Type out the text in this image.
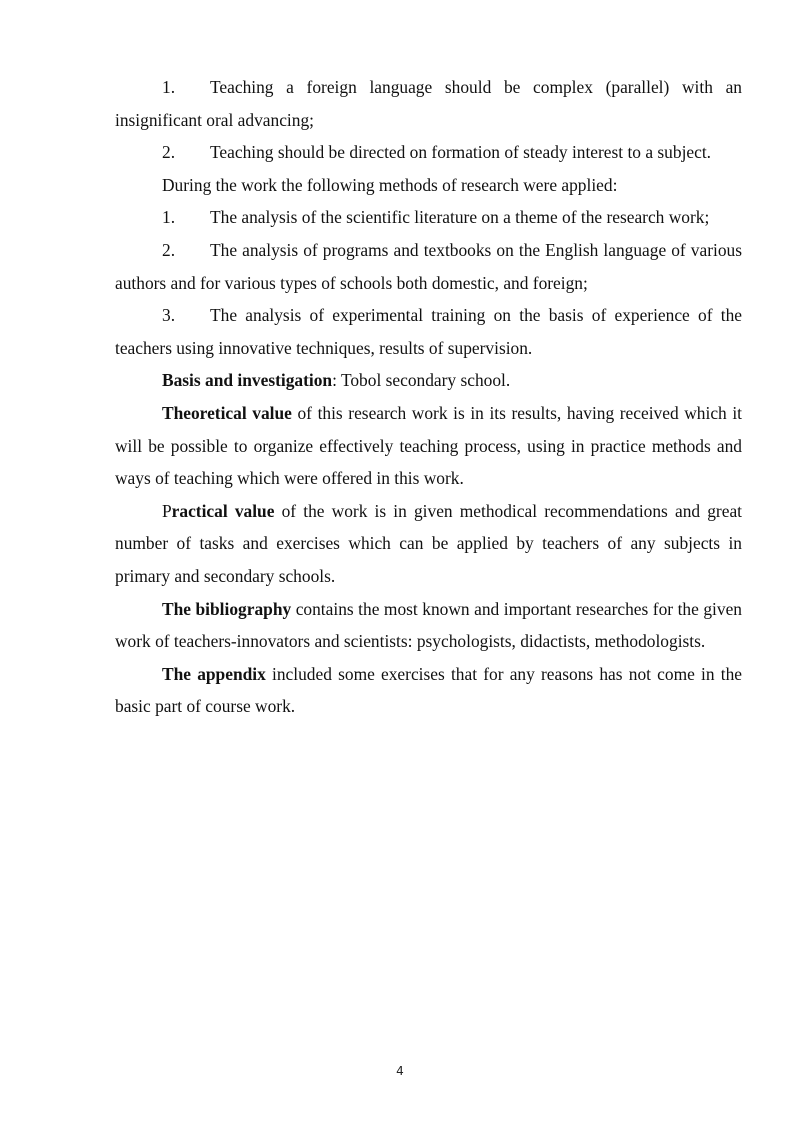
1. Teaching a foreign language should be complex (parallel) with an insignificant oral advancing;

2. Teaching should be directed on formation of steady interest to a subject.

During the work the following methods of research were applied:

1. The analysis of the scientific literature on a theme of the research work;

2. The analysis of programs and textbooks on the English language of various authors and for various types of schools both domestic, and foreign;

3. The analysis of experimental training on the basis of experience of the teachers using innovative techniques, results of supervision.

Basis and investigation: Tobol secondary school.

Theoretical value of this research work is in its results, having received which it will be possible to organize effectively teaching process, using in practice methods and ways of teaching which were offered in this work.

Practical value of the work is in given methodical recommendations and great number of tasks and exercises which can be applied by teachers of any subjects in primary and secondary schools.

The bibliography contains the most known and important researches for the given work of teachers-innovators and scientists: psychologists, didactists, methodologists.

The appendix included some exercises that for any reasons has not come in the basic part of course work.

4
